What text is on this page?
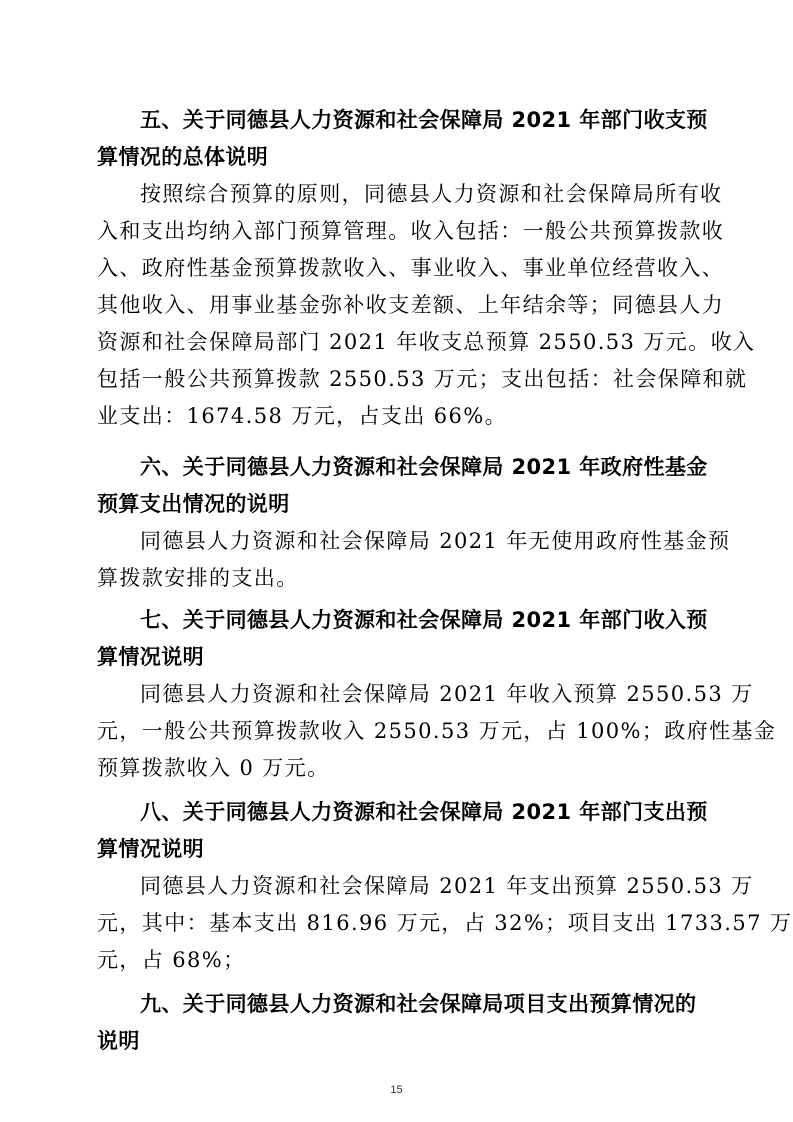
五、关于同德县人力资源和社会保障局 2021 年部门收支预
算情况的总体说明
按照综合预算的原则，同德县人力资源和社会保障局所有收
入和支出均纳入部门预算管理。收入包括：一般公共预算拨款收
入、政府性基金预算拨款收入、事业收入、事业单位经营收入、
其他收入、用事业基金弥补收支差额、上年结余等；同德县人力
资源和社会保障局部门 2021 年收支总预算 2550.53 万元。收入
包括一般公共预算拨款 2550.53 万元；支出包括：社会保障和就
业支出：1674.58 万元，占支出 66%。
六、关于同德县人力资源和社会保障局 2021 年政府性基金
预算支出情况的说明
同德县人力资源和社会保障局 2021 年无使用政府性基金预
算拨款安排的支出。
七、关于同德县人力资源和社会保障局 2021 年部门收入预
算情况说明
同德县人力资源和社会保障局 2021 年收入预算 2550.53 万
元，一般公共预算拨款收入 2550.53 万元，占 100%；政府性基金
预算拨款收入 0 万元。
八、关于同德县人力资源和社会保障局 2021 年部门支出预
算情况说明
同德县人力资源和社会保障局 2021 年支出预算 2550.53 万
元，其中：基本支出 816.96 万元，占 32%；项目支出 1733.57 万
元，占 68%；
九、关于同德县人力资源和社会保障局项目支出预算情况的
说明
15
